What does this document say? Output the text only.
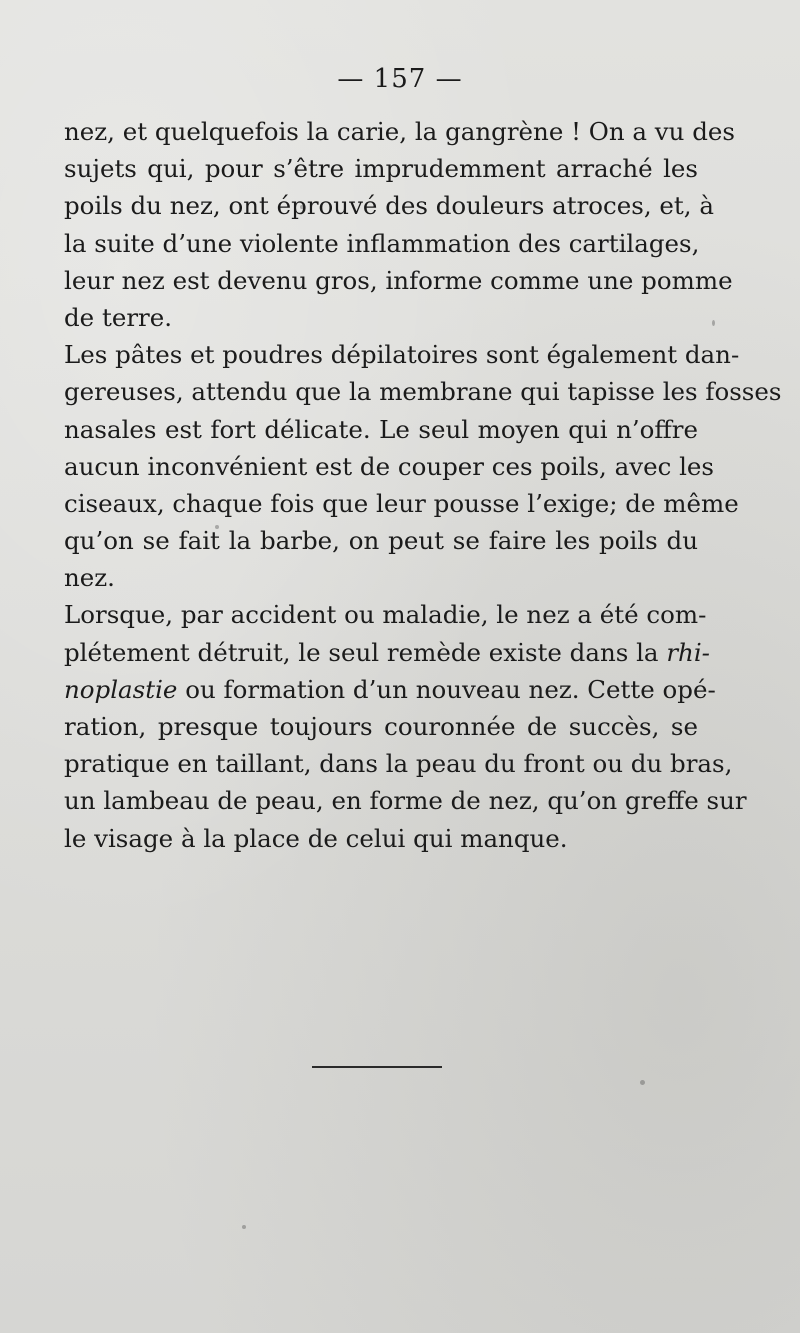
— 157 —
nez, et quelquefois la carie, la gangrène ! On a vu des
sujets qui, pour s’être imprudemment arraché les
poils du nez, ont éprouvé des douleurs atroces, et, à
la suite d’une violente inflammation des cartilages,
leur nez est devenu gros, informe comme une pomme
de terre.
Les pâtes et poudres dépilatoires sont également dan-
gereuses, attendu que la membrane qui tapisse les fosses
nasales est fort délicate. Le seul moyen qui n’offre
aucun inconvénient est de couper ces poils, avec les
ciseaux, chaque fois que leur pousse l’exige; de même
qu’on se fait la barbe, on peut se faire les poils du
nez.
Lorsque, par accident ou maladie, le nez a été com-
plétement détruit, le seul remède existe dans la rhi-
noplastie ou formation d’un nouveau nez. Cette opé-
ration, presque toujours couronnée de succès, se
pratique en taillant, dans la peau du front ou du bras,
un lambeau de peau, en forme de nez, qu’on greffe sur
le visage à la place de celui qui manque.
